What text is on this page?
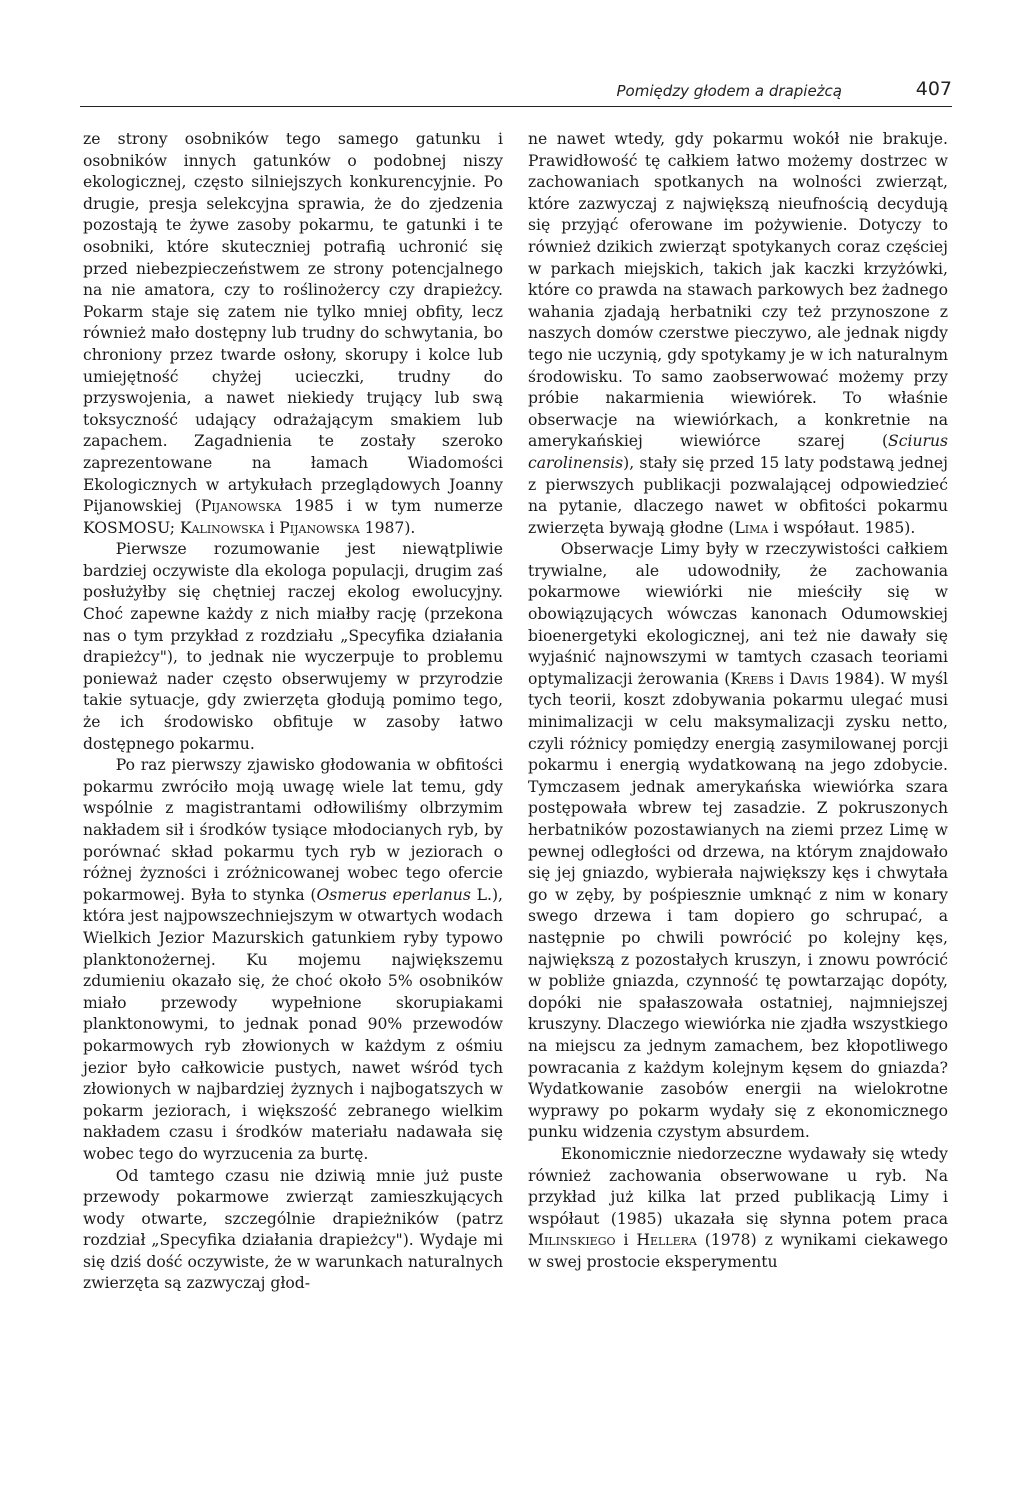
Pomiędzy głodem a drapieżcą	407

ze strony osobników tego samego gatunku i osobników innych gatunków o podobnej niszy ekologicznej, często silniejszych konkurencyjnie. Po drugie, presja selekcyjna sprawia, że do zjedzenia pozostają te żywe zasoby pokarmu, te gatunki i te osobniki, które skuteczniej potrafią uchronić się przed niebezpieczeństwem ze strony potencjalnego na nie amatora, czy to roślinożercy czy drapieżcy. Pokarm staje się zatem nie tylko mniej obfity, lecz również mało dostępny lub trudny do schwytania, bo chroniony przez twarde osłony, skorupy i kolce lub umiejętność chyżej ucieczki, trudny do przyswojenia, a nawet niekiedy trujący lub swą toksyczność udający odrażającym smakiem lub zapachem. Zagadnienia te zostały szeroko zaprezentowane na łamach Wiadomości Ekologicznych w artykułach przeglądowych Joanny Pijanowskiej (Pijanowska 1985 i w tym numerze KOSMOSU; Kalinowska i Pijanowska 1987).

Pierwsze rozumowanie jest niewątpliwie bardziej oczywiste dla ekologa populacji, drugim zaś posłużyłby się chętniej raczej ekolog ewolucyjny. Choć zapewne każdy z nich miałby rację (przekona nas o tym przykład z rozdziału „Specyfika działania drapieżcy"), to jednak nie wyczerpuje to problemu ponieważ nader często obserwujemy w przyrodzie takie sytuacje, gdy zwierzęta głodują pomimo tego, że ich środowisko obfituje w zasoby łatwo dostępnego pokarmu.

Po raz pierwszy zjawisko głodowania w obfitości pokarmu zwróciło moją uwagę wiele lat temu, gdy wspólnie z magistrantami odłowiliśmy olbrzymim nakładem sił i środków tysiące młodocianych ryb, by porównać skład pokarmu tych ryb w jeziorach o różnej żyzności i zróżnicowanej wobec tego ofercie pokarmowej. Była to stynka (Osmerus eperlanus L.), która jest najpowszechniejszym w otwartych wodach Wielkich Jezior Mazurskich gatunkiem ryby typowo planktonożernej. Ku mojemu największemu zdumieniu okazało się, że choć około 5% osobników miało przewody wypełnione skorupiakami planktonowymi, to jednak ponad 90% przewodów pokarmowych ryb złowionych w każdym z ośmiu jezior było całkowicie pustych, nawet wśród tych złowionych w najbardziej żyznych i najbogatszych w pokarm jeziorach, i większość zebranego wielkim nakładem czasu i środków materiału nadawała się wobec tego do wyrzucenia za burtę.

Od tamtego czasu nie dziwią mnie już puste przewody pokarmowe zwierząt zamieszkujących wody otwarte, szczególnie drapieżników (patrz rozdział „Specyfika działania drapieżcy"). Wydaje mi się dziś dość oczywiste, że w warunkach naturalnych zwierzęta są zazwyczaj głod-

ne nawet wtedy, gdy pokarmu wokół nie brakuje. Prawidłowość tę całkiem łatwo możemy dostrzec w zachowaniach spotkanych na wolności zwierząt, które zazwyczaj z największą nieufnością decydują się przyjąć oferowane im pożywienie. Dotyczy to również dzikich zwierząt spotykanych coraz częściej w parkach miejskich, takich jak kaczki krzyżówki, które co prawda na stawach parkowych bez żadnego wahania zjadają herbatniki czy też przynoszone z naszych domów czerstwe pieczywo, ale jednak nigdy tego nie uczynią, gdy spotykamy je w ich naturalnym środowisku. To samo zaobserwować możemy przy próbie nakarmienia wiewiórek. To właśnie obserwacje na wiewiórkach, a konkretnie na amerykańskiej wiewiórce szarej (Sciurus carolinensis), stały się przed 15 laty podstawą jednej z pierwszych publikacji pozwalającej odpowiedzieć na pytanie, dlaczego nawet w obfitości pokarmu zwierzęta bywają głodne (Lima i współaut. 1985).

Obserwacje Limy były w rzeczywistości całkiem trywialne, ale udowodniły, że zachowania pokarmowe wiewiórki nie mieściły się w obowiązujących wówczas kanonach Odumowskiej bioenergetyki ekologicznej, ani też nie dawały się wyjaśnić najnowszymi w tamtych czasach teoriami optymalizacji żerowania (Krebs i Davis 1984). W myśl tych teorii, koszt zdobywania pokarmu ulegać musi minimalizacji w celu maksymalizacji zysku netto, czyli różnicy pomiędzy energią zasymilowanej porcji pokarmu i energią wydatkowaną na jego zdobycie. Tymczasem jednak amerykańska wiewiórka szara postępowała wbrew tej zasadzie. Z pokruszonych herbatników pozostawianych na ziemi przez Limę w pewnej odległości od drzewa, na którym znajdowało się jej gniazdo, wybierała największy kęs i chwytała go w zęby, by pośpiesznie umknąć z nim w konary swego drzewa i tam dopiero go schrupać, a następnie po chwili powrócić po kolejny kęs, największą z pozostałych kruszyn, i znowu powrócić w pobliże gniazda, czynność tę powtarzając dopóty, dopóki nie spałaszowała ostatniej, najmniejszej kruszyny. Dlaczego wiewiórka nie zjadła wszystkiego na miejscu za jednym zamachem, bez kłopotliwego powracania z każdym kolejnym kęsem do gniazda? Wydatkowanie zasobów energii na wielokrotne wyprawy po pokarm wydały się z ekonomicznego punku widzenia czystym absurdem.

Ekonomicznie niedorzeczne wydawały się wtedy również zachowania obserwowane u ryb. Na przykład już kilka lat przed publikacją Limy i współaut (1985) ukazała się słynna potem praca Milinskiego i Hellera (1978) z wynikami ciekawego w swej prostocie eksperymentu
